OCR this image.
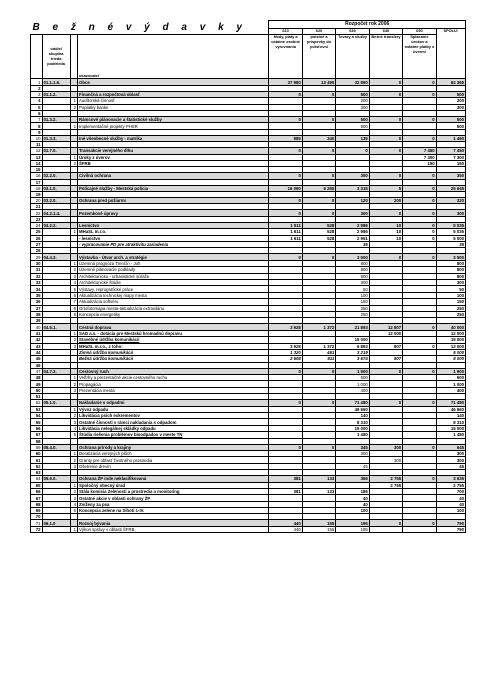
B e ž n é v ý d a v k y				Rozpočet rok 2006					
				610	620	630	640	650	SPOLU:
	oddiel skupina trieda podtrieda		ukazovateľ	Mzdy, platy a ostatné osobné vyrovnania	poistné a príspevky do poisťovní	Tovary a služby	Bežné transfery	Splácanie úrokov a ostatné platby s úvermi	
1	01.1.1.6.		Obce	37 980	13 495	32 890	0	0	84 365
2									
3	01.1.2.		Finančná a rozpočtová oblasť	0	0	500	0	0	500
4		1	Audítorská činnosť			200			200
5		2	Poplatky banke			300			300
6									
7	01.3.2.		Rámcové plánovacie a štatistické služby	0	0	500	0	0	500
8		1	Implementačné projekty PHSR			500			500
9									
10	01.3.3.		Iné všeobecné služby - matrika	985	340	135	0	0	1 460
11									
12	01.7.0.		Transakcie verejného dlhu	0	0	0	0	7 450	7 450
13		1	Úroky z úverov					7 300	7 300
14		2	ŠFRB					150	150
15									
16	02.2.0.		Civilná ochrana	0	0	350	0	0	350
17									
18	03.1.0.		Policajné služby - Mestská polícia	16 060	6 265	3 315	5	0	25 645
19									
20	03.2.0.		Ochrana pred požiarmi	0	0	120	200	0	320
21									
22	04.2.1.4.		Pozemkové úpravy	0	0	300	0	0	300
23									
24	04.2.2.		Lesníctvo	1 511	528	2 986	10	0	5 035
25		1	MHaSL m.r.o.	1 611	528	2 986	10	0	5 035
26			- lesníctvo	1 611	528	2 951	10	0	5 000
27			- vypracovanie PD pre atraktivitu zariadenia			35			35
28									
29	04.4.3.		Výstavba - Útvar arch. a stratégie	0	0	3 500	0	0	3 500
30		1	Územná prognóza Trenčín - Juh			800			800
31		2	Územné plánovacie podklady			800			800
32		3	Architektonicko - urbanistické súťaže			800			800
33		4	Architektonické štúdie			300			300
34		5	Výstavy, reprografické práce			50			50
35		6	Aktualizácia technickej mapy mesta			100			100
36		7	Aktualizácia softvéru			150			150
37		8	Ortofotomapa mesta-aktualizácia extravilánu			250			250
38		9	Koncepcia energetiky			250			250
39									
40	04.5.1.		Cestná doprava	3 928	1 372	21 893	12 807	0	40 000
41		1	SAD a.s. - dotácia pre Mestskú hromadnú dopravu				12 000		12 000
42		2	Stavebné údržba komunikácií			15 000			15 000
43		3	MHaSL m.r.o., z toho:	3 928	1 372	6 893	807	0	13 000
44			Zimná údržba komunikácií	1 320	461	3 219			5 000
45			Bežná údržba komunikácií	2 608	911	3 674	807		8 000
46									
47	04.7.3.		Cestovný ruch	0	0	1 900	0	0	1 900
48		1	Veľtrhy a prezentačné akcie cestovného ruchu			500			500
49		2	Propagácia			1 000			1 000
50		3	Prezentácia mesta			400			400
51									
52	05.1.0.		Nakladanie s odpadmi	0	0	71 480	0	0	71 480
53		1	Vývoz odpadu			46 660			46 660
54		2	Likvidácia psích exkrementov			140			140
55		3	Ostatné činnosti v rámci nakladania s odpadom			8 310			8 310
56		4	Likvidácia nelegálnej skládky odpadu			15 000			15 000
57		5	Štúdia riešenia problémov bioodpadov v meste TN			1 480			1 480
58									
59	05.4.0.		Ochrana prírody a krajiny	0	0	345	300	0	645
60		1	Deratizácia verejných plôch			300			300
61		2	Granty pre oblasť životného prostredia				300		300
62		3	Ošetrenie drevín			45			45
63									
64	05.6.0.		Ochrana ŽP inde neklasifikovaná	381	133	366	2 755	0	3 635
65		1	Spoločný obecný úrad				2 755		2 755
66		2	Stála komisia Zelenosti a prostredia a monitoring	381	133	186			700
67		3	Ostatné akcie v oblasti ochrany ŽP			40			40
68		4	Zníženy za psa			40			40
69		5	Koncepcia zelene na Sihoti I.-IV.			100			100
70									
71	06.1.0		Rozvoj bývania	440	155	195	0	0	790
72		1	Výkon správy v oblasti ŠFRB	440	155	195			790
